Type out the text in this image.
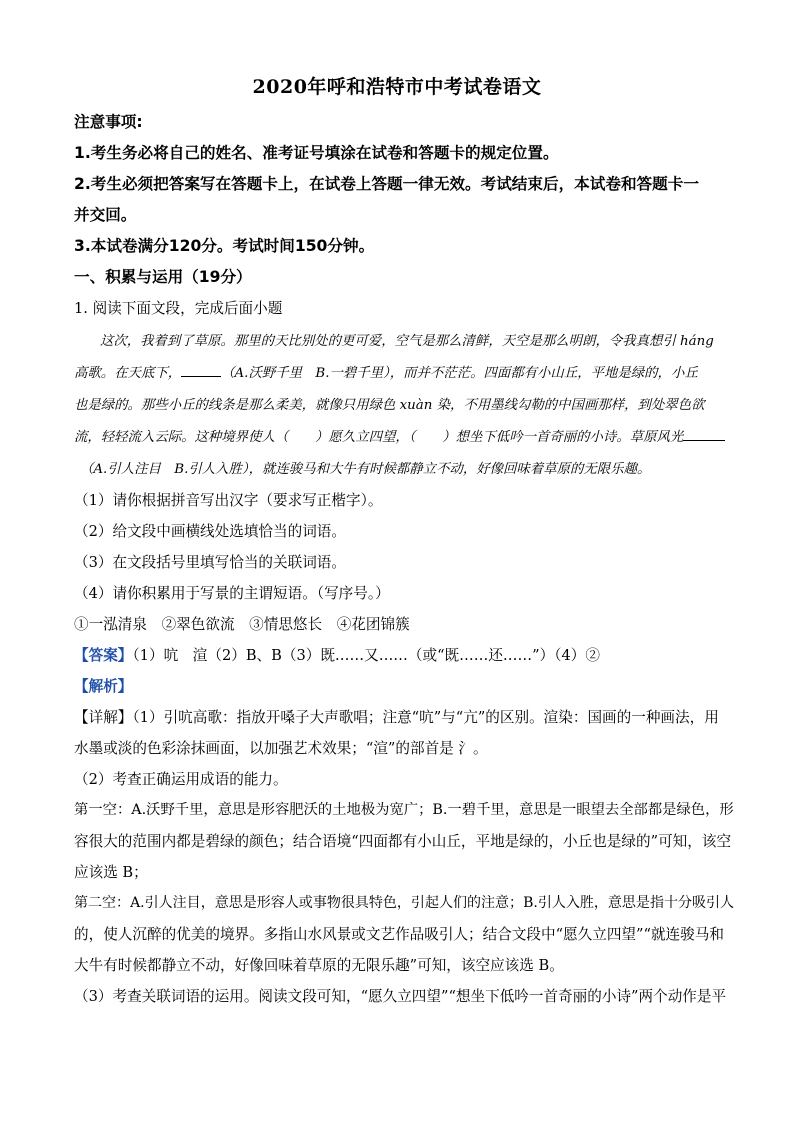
2020年呼和浩特市中考试卷语文
注意事项:
1.考生务必将自己的姓名、准考证号填涂在试卷和答题卡的规定位置。
2.考生必须把答案写在答题卡上，在试卷上答题一律无效。考试结束后，本试卷和答题卡一
并交回。
3.本试卷满分120分。考试时间150分钟。
一、积累与运用（19分）
1. 阅读下面文段，完成后面小题
这次，我着到了草原。那里的天比别处的更可爱，空气是那么清鲜，天空是那么明朗，令我真想引 háng
高歌。在天底下，	（A.沃野千里　B.一碧千里），而并不茫茫。四面都有小山丘，平地是绿的，小丘
也是绿的。那些小丘的线条是那么柔美，就像只用绿色 xuàn 染，不用墨线勾勒的中国画那样，到处翠色欲
流，轻轻流入云际。这种境界使人（　　）愿久立四望，（　　）想坐下低吟一首奇丽的小诗。草原风光
（A.引人注目　B.引人入胜），就连骏马和大牛有时候都静立不动，好像回味着草原的无限乐趣。
（1）请你根据拼音写出汉字（要求写正楷字）。
（2）给文段中画横线处选填恰当的词语。
（3）在文段括号里填写恰当的关联词语。
（4）请你积累用于写景的主谓短语。（写序号。）
①一泓清泉　②翠色欲流　③情思悠长　④花团锦簇
【答案】（1）吭　渲（2）B、B（3）既……又……（或“既……还……”）（4）②
【解析】
【详解】（1）引吭高歌：指放开嗓子大声歌唱；注意“吭”与“亢”的区别。渲染：国画的一种画法，用
水墨或淡的色彩涂抹画面，以加强艺术效果；“渲”的部首是 氵。
（2）考查正确运用成语的能力。
第一空：A.沃野千里，意思是形容肥沃的土地极为宽广；B.一碧千里，意思是一眼望去全部都是绿色，形
容很大的范围内都是碧绿的颜色；结合语境“四面都有小山丘，平地是绿的，小丘也是绿的”可知，该空
应该选 B；
第二空：A.引人注目，意思是形容人或事物很具特色，引起人们的注意；B.引人入胜，意思是指十分吸引人
的，使人沉醉的优美的境界。多指山水风景或文艺作品吸引人；结合文段中“愿久立四望”“就连骏马和
大牛有时候都静立不动，好像回味着草原的无限乐趣”可知，该空应该选 B。
（3）考查关联词语的运用。阅读文段可知，“愿久立四望”“想坐下低吟一首奇丽的小诗”两个动作是平
